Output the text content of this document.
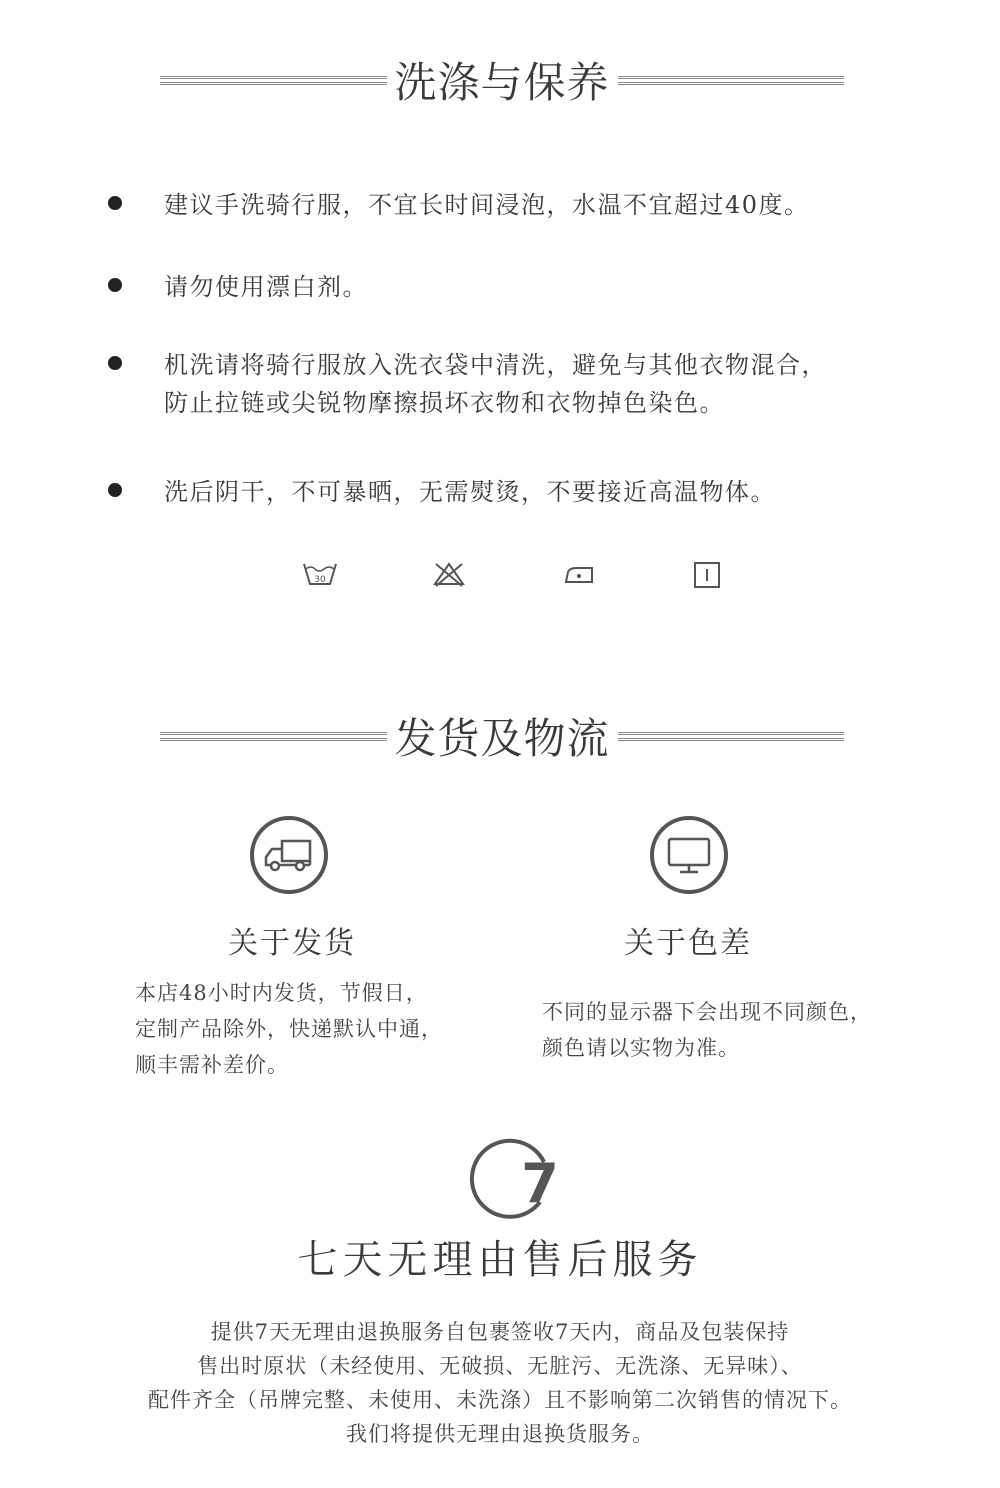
洗涤与保养
建议手洗骑行服，不宜长时间浸泡，水温不宜超过40度。
请勿使用漂白剂。
机洗请将骑行服放入洗衣袋中清洗，避免与其他衣物混合，
防止拉链或尖锐物摩擦损坏衣物和衣物掉色染色。
洗后阴干，不可暴晒，无需熨烫，不要接近高温物体。
30
发货及物流
关于发货
本店48小时内发货，节假日，
定制产品除外，快递默认中通，
顺丰需补差价。
关于色差
不同的显示器下会出现不同颜色，
颜色请以实物为准。
7
七天无理由售后服务
提供7天无理由退换服务自包裹签收7天内，商品及包装保持
售出时原状（未经使用、无破损、无脏污、无洗涤、无异味）、
配件齐全（吊牌完整、未使用、未洗涤）且不影响第二次销售的情况下。
我们将提供无理由退换货服务。
